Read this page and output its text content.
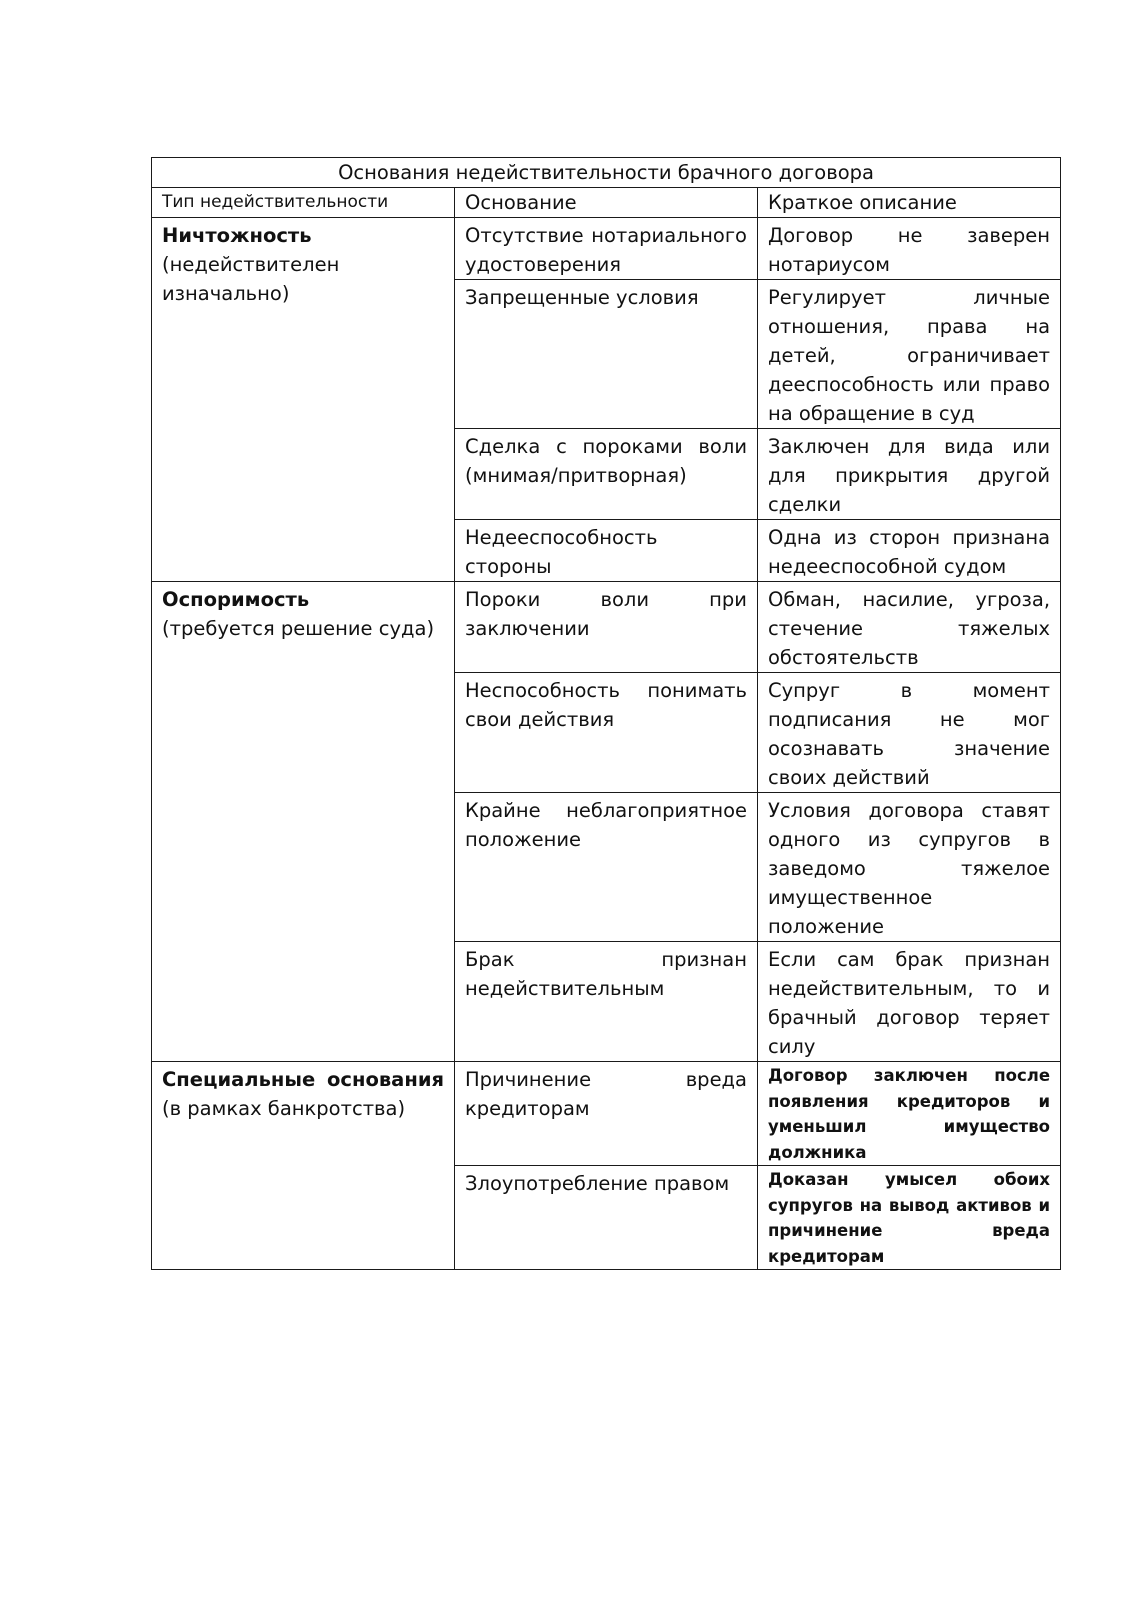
Основания недействительности брачного договора		
Тип недействительности	Основание	Краткое описание

Ничтожность
(недействителен изначально)	Отсутствие нотариального удостоверения	Договор не заверен нотариусом
	Запрещенные условия	Регулирует личные отношения, права на детей, ограничивает дееспособность или право на обращение в суд
	Сделка с пороками воли (мнимая/притворная)	Заключен для вида или для прикрытия другой сделки
	Недееспособность стороны	Одна из сторон признана недееспособной судом

Оспоримость
(требуется решение суда)	Пороки воли при заключении	Обман, насилие, угроза, стечение тяжелых обстоятельств
	Неспособность понимать свои действия	Супруг в момент подписания не мог осознавать значение своих действий
	Крайне неблагоприятное положение	Условия договора ставят одного из супругов в заведомо тяжелое имущественное положение
	Брак признан недействительным	Если сам брак признан недействительным, то и брачный договор теряет силу

Специальные основания
(в рамках банкротства)	Причинение вреда кредиторам	Договор заключен после появления кредиторов и уменьшил имущество должника
	Злоупотребление правом	Доказан умысел обоих супругов на вывод активов и причинение вреда кредиторам
